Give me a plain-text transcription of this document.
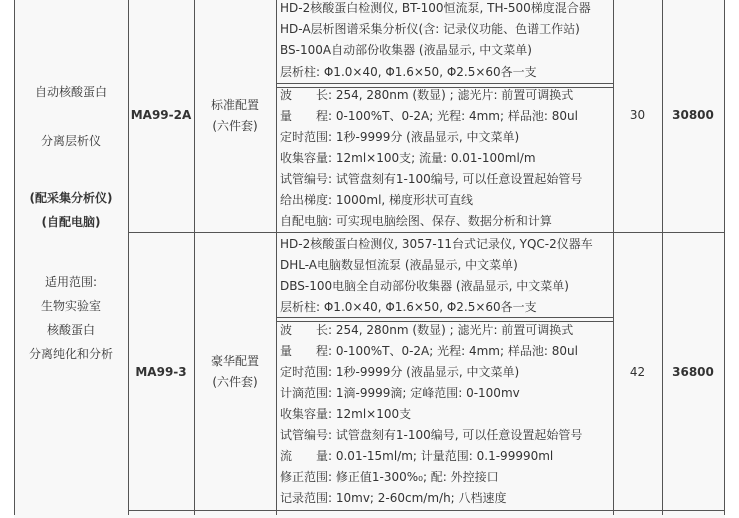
自动核酸蛋白
分离层析仪
(配采集分析仪)
(自配电脑)
适用范围:
生物实验室
核酸蛋白
分离纯化和分析
MA99-2A
标准配置
(六件套)
HD-2核酸蛋白检测仪, BT-100恒流泵, TH-500梯度混合器
HD-A层析图谱采集分析仪(含: 记录仪功能、色谱工作站)
BS-100A自动部份收集器 (液晶显示, 中文菜单)
层析柱: Φ1.0×40, Φ1.6×50, Φ2.5×60各一支
波　　长: 254, 280nm (数显) ; 滤光片: 前置可调换式
量　　程: 0-100%T、0-2A; 光程: 4mm; 样品池: 80ul
定时范围: 1秒-9999分 (液晶显示, 中文菜单)
收集容量: 12ml×100支; 流量: 0.01-100ml/m
试管编号: 试管盘刻有1-100编号, 可以任意设置起始管号
给出梯度: 1000ml, 梯度形状可直线
自配电脑: 可实现电脑绘图、保存、数据分析和计算
30	30800
MA99-3
豪华配置
(六件套)
HD-2核酸蛋白检测仪, 3057-11台式记录仪, YQC-2仪器车
DHL-A电脑数显恒流泵 (液晶显示, 中文菜单)
DBS-100电脑全自动部份收集器 (液晶显示, 中文菜单)
层析柱: Φ1.0×40, Φ1.6×50, Φ2.5×60各一支
波　　长: 254, 280nm (数显) ; 滤光片: 前置可调换式
量　　程: 0-100%T、0-2A; 光程: 4mm; 样品池: 80ul
定时范围: 1秒-9999分 (液晶显示, 中文菜单)
计滴范围: 1滴-9999滴; 定峰范围: 0-100mv
收集容量: 12ml×100支
试管编号: 试管盘刻有1-100编号, 可以任意设置起始管号
流　　量: 0.01-15ml/m; 计量范围: 0.1-99990ml
修正范围: 修正值1-300%₀; 配: 外控接口
记录范围: 10mv; 2-60cm/m/h; 八档速度
42	36800
